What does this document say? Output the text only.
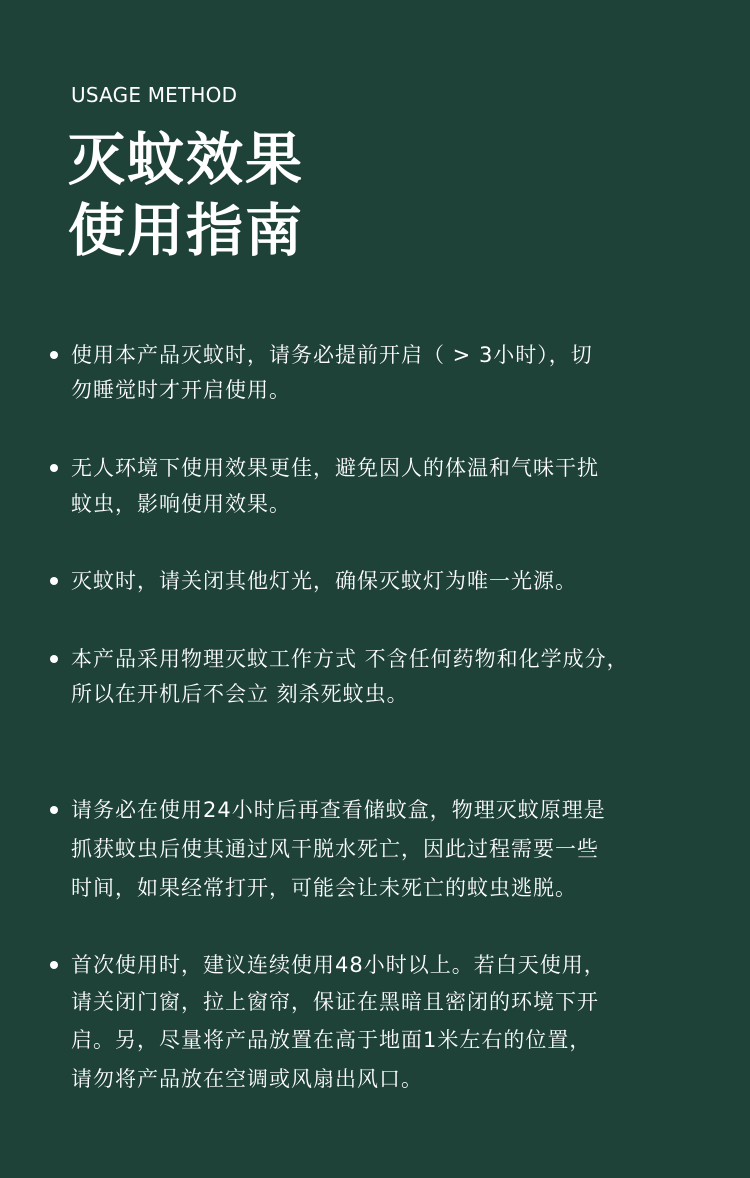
USAGE METHOD
灭蚊效果
使用指南
使用本产品灭蚊时，请务必提前开启（ > 3小时），切
勿睡觉时才开启使用。
无人环境下使用效果更佳，避免因人的体温和气味干扰
蚊虫，影响使用效果。
灭蚊时，请关闭其他灯光，确保灭蚊灯为唯一光源。
本产品采用物理灭蚊工作方式 不含任何药物和化学成分，
所以在开机后不会立 刻杀死蚊虫。
请务必在使用24小时后再查看储蚊盒，物理灭蚊原理是
抓获蚊虫后使其通过风干脱水死亡，因此过程需要一些
时间，如果经常打开，可能会让未死亡的蚊虫逃脱。
首次使用时，建议连续使用48小时以上。若白天使用，
请关闭门窗，拉上窗帘，保证在黑暗且密闭的环境下开
启。另，尽量将产品放置在高于地面1米左右的位置，
请勿将产品放在空调或风扇出风口。
